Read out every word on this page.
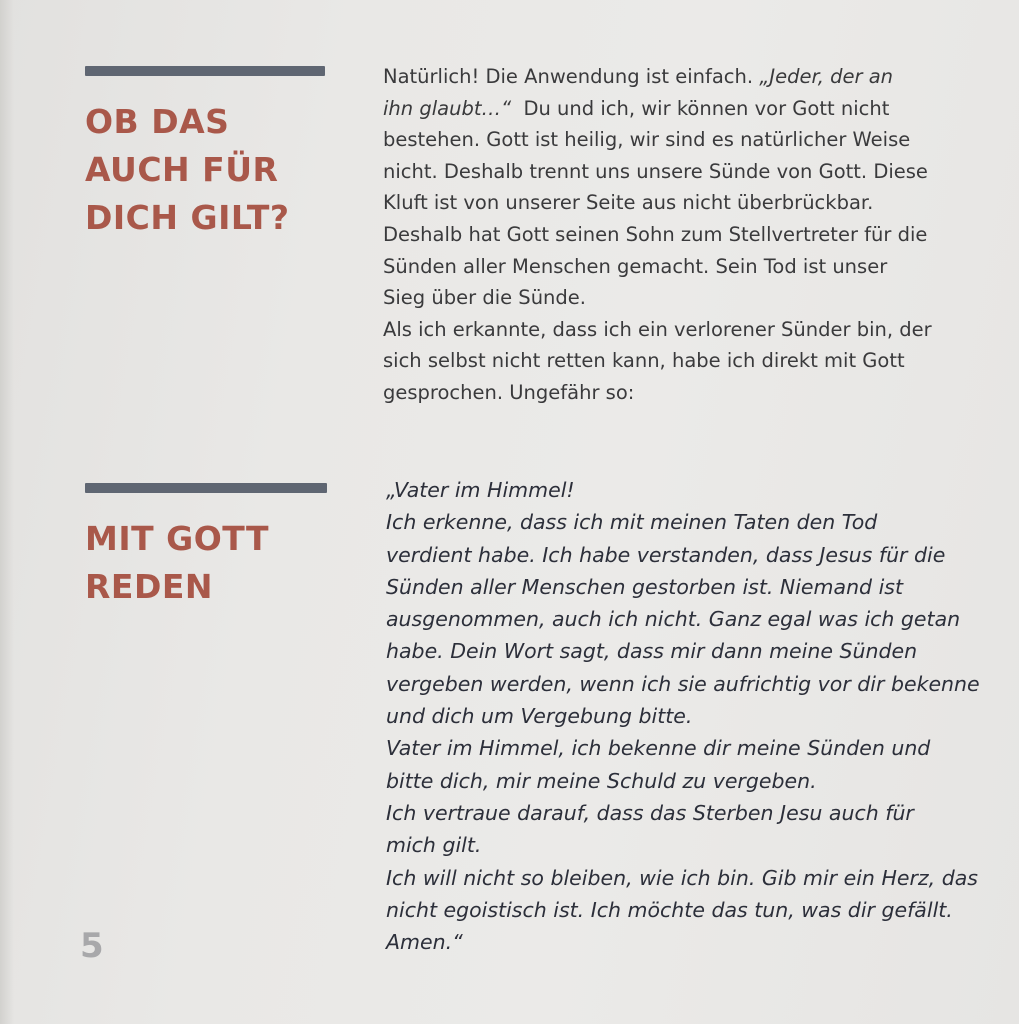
OB DAS
AUCH FÜR
DICH GILT?

Natürlich! Die Anwendung ist einfach. „Jeder, der an
ihn glaubt…“  Du und ich, wir können vor Gott nicht
bestehen. Gott ist heilig, wir sind es natürlicher Weise
nicht. Deshalb trennt uns unsere Sünde von Gott. Diese
Kluft ist von unserer Seite aus nicht überbrückbar.
Deshalb hat Gott seinen Sohn zum Stellvertreter für die
Sünden aller Menschen gemacht. Sein Tod ist unser
Sieg über die Sünde.
Als ich erkannte, dass ich ein verlorener Sünder bin, der
sich selbst nicht retten kann, habe ich direkt mit Gott
gesprochen. Ungefähr so:

MIT GOTT
REDEN

„Vater im Himmel!
Ich erkenne, dass ich mit meinen Taten den Tod
verdient habe. Ich habe verstanden, dass Jesus für die
Sünden aller Menschen gestorben ist. Niemand ist
ausgenommen, auch ich nicht. Ganz egal was ich getan
habe. Dein Wort sagt, dass mir dann meine Sünden
vergeben werden, wenn ich sie aufrichtig vor dir bekenne
und dich um Vergebung bitte.
Vater im Himmel, ich bekenne dir meine Sünden und
bitte dich, mir meine Schuld zu vergeben.
Ich vertraue darauf, dass das Sterben Jesu auch für
mich gilt.
Ich will nicht so bleiben, wie ich bin. Gib mir ein Herz, das
nicht egoistisch ist. Ich möchte das tun, was dir gefällt.
Amen.“

5
